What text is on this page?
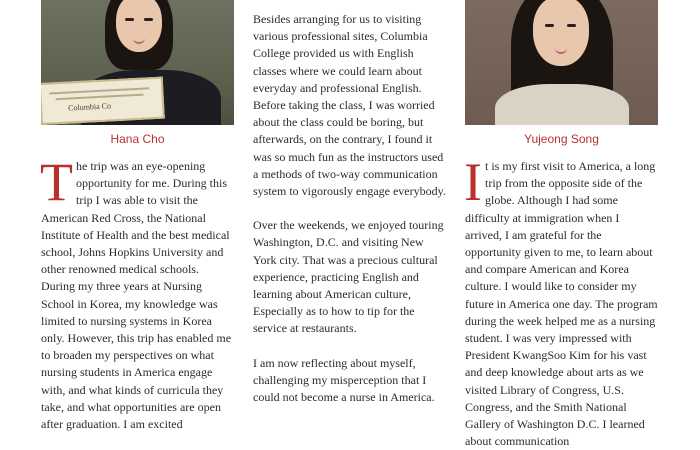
Columbia Co
Hana Cho
T he trip was an eye-opening opportunity for me. During this trip I was able to visit the American Red Cross, the National Institute of Health and the best medical school, Johns Hopkins University and other renowned medical schools. During my three years at Nursing School in Korea, my knowledge was limited to nursing systems in Korea only. However, this trip has enabled me to broaden my perspectives on what nursing students in America engage with, and what kinds of curricula they take, and what opportunities are open after graduation. I am excited

Besides arranging for us to visiting various professional sites, Columbia College provided us with English classes where we could learn about everyday and professional English. Before taking the class, I was worried about the class could be boring, but afterwards, on the contrary, I found it was so much fun as the instructors used a methods of two-way communication system to vigorously engage everybody.

Over the weekends, we enjoyed touring Washington, D.C. and visiting New York city. That was a precious cultural experience, practicing English and learning about American culture, Especially as to how to tip for the service at restaurants.

I am now reflecting about myself, challenging my misperception that I could not become a nurse in America.

Yujeong Song
I t is my first visit to America, a long trip from the opposite side of the globe. Although I had some difficulty at immigration when I arrived, I am grateful for the opportunity given to me, to learn about and compare American and Korea culture. I would like to consider my future in America one day. The program during the week helped me as a nursing student. I was very impressed with President KwangSoo Kim for his vast and deep knowledge about arts as we visited Library of Congress, U.S. Congress, and the Smith National Gallery of Washington D.C. I learned about communication
